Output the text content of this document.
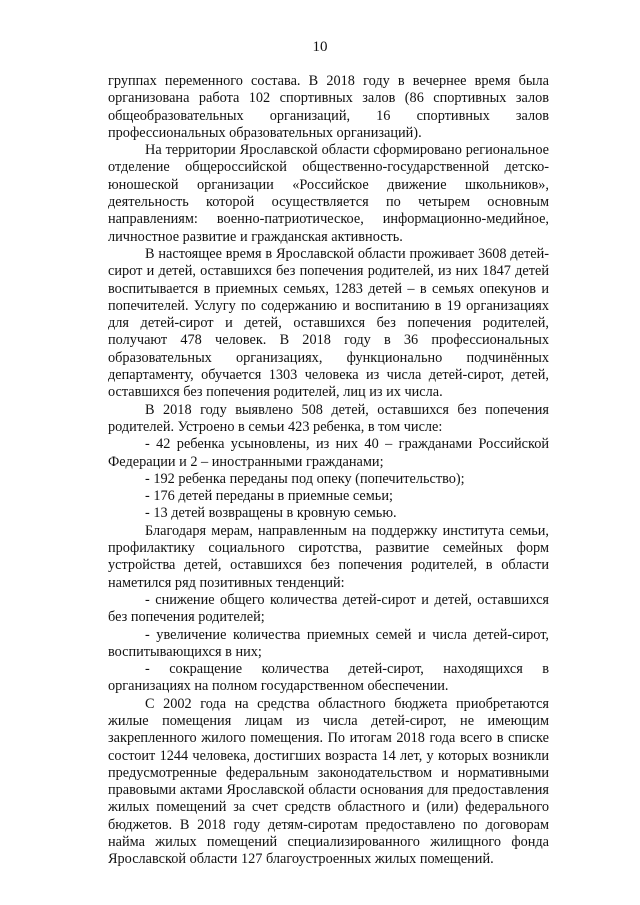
10

группах переменного состава. В 2018 году в вечернее время была организована работа 102 спортивных залов (86 спортивных залов общеобразовательных организаций, 16 спортивных залов профессиональных образовательных организаций).

На территории Ярославской области сформировано региональное отделение общероссийской общественно-государственной детско-юношеской организации «Российское движение школьников», деятельность которой осуществляется по четырем основным направлениям: военно-патриотическое, информационно-медийное, личностное развитие и гражданская активность.

В настоящее время в Ярославской области проживает 3608 детей-сирот и детей, оставшихся без попечения родителей, из них 1847 детей воспитывается в приемных семьях, 1283 детей – в семьях опекунов и попечителей. Услугу по содержанию и воспитанию в 19 организациях для детей-сирот и детей, оставшихся без попечения родителей, получают 478 человек. В 2018 году в 36 профессиональных образовательных организациях, функционально подчинённых департаменту, обучается 1303 человека из числа детей-сирот, детей, оставшихся без попечения родителей, лиц из их числа.

В 2018 году выявлено 508 детей, оставшихся без попечения родителей. Устроено в семьи 423 ребенка, в том числе:

- 42 ребенка усыновлены, из них 40 – гражданами Российской Федерации и 2 – иностранными гражданами;

- 192 ребенка переданы под опеку (попечительство);

- 176 детей переданы в приемные семьи;

- 13 детей возвращены в кровную семью.

Благодаря мерам, направленным на поддержку института семьи, профилактику социального сиротства, развитие семейных форм устройства детей, оставшихся без попечения родителей, в области наметился ряд позитивных тенденций:

- снижение общего количества детей-сирот и детей, оставшихся без попечения родителей;

- увеличение количества приемных семей и числа детей-сирот, воспитывающихся в них;

- сокращение количества детей-сирот, находящихся в организациях на полном государственном обеспечении.

С 2002 года на средства областного бюджета приобретаются жилые помещения лицам из числа детей-сирот, не имеющим закрепленного жилого помещения. По итогам 2018 года всего в списке состоит 1244 человека, достигших возраста 14 лет, у которых возникли предусмотренные федеральным законодательством и нормативными правовыми актами Ярославской области основания для предоставления жилых помещений за счет средств областного и (или) федерального бюджетов. В 2018 году детям-сиротам предоставлено по договорам найма жилых помещений специализированного жилищного фонда Ярославской области 127 благоустроенных жилых помещений.
